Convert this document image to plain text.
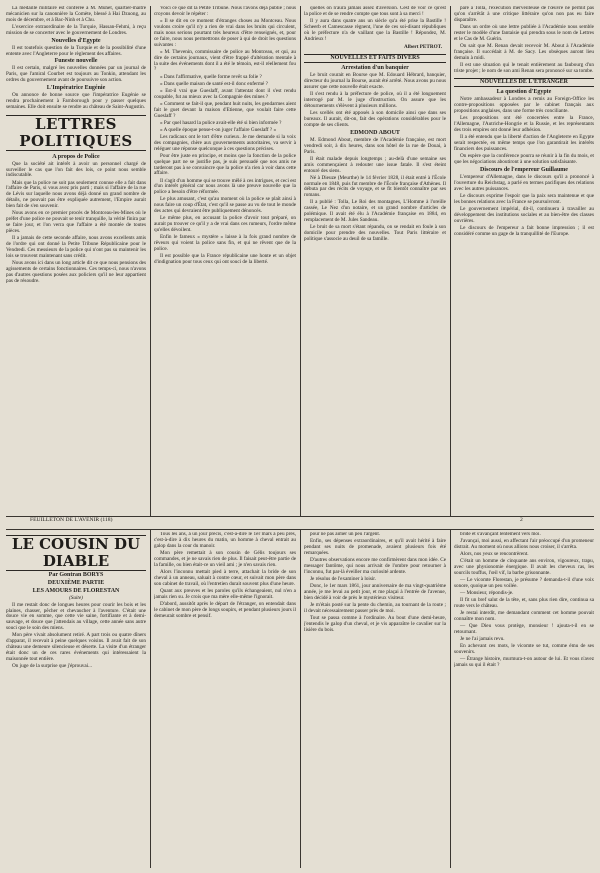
La médaille militaire est conférée à M. Muhet, quartier-maître mécanicien sur la canonnière la Comète, blessé à Hai Dzuong, au mois de décembre, et à Bac-Ninh et à Chu.

L'exercice extraordinaire de la Turquie, Hassan-Fehmi, à reçu mission de se concerter avec le gouvernement de Londres.

Nouvelles d'Egypte

Il est toutefois question de la Turquie et de la possibilité d'une entente avec l'Angleterre pour le règlement des affaires.

Funeste nouvelle

Il est certain, malgré les nouvelles données par un journal de Paris, que l'amiral Courbet est toujours au Tonkin, attendant les ordres du gouvernement avant de poursuivre son action.

L'Impératrice Eugénie

On annonce de bonne source que l'impératrice Eugénie se rendra prochainement à Farnborough pour y passer quelques semaines. Elle doit ensuite se rendre au château de Saint-Augustin.

LETTRES POLITIQUES
A propos de Police

Que la société ait intérêt à avoir un personnel chargé de surveiller le cas que l'on fait des lois, ce point nous semble indiscutable.

Mais que la police ne soit pas seulement connue elle a fait dans l'affaire de Paris, si vous avez pris parti ; mais si l'affaire de la rue de Lévis sur laquelle nous avons déjà donné un grand nombre de détails, ne pouvait pas être expliquée autrement, l'Empire aurait bien fait de s'en souvenir.

Nous avons en ce premier procès de Montceau-les-Mines où le préfet d'une police ne pouvait se tenir tranquille, la vérité finira par se faire jour, et l'on verra que l'affaire a été montée de toutes pièces.

Il a jamais de cette seconde affaire, nous avons excellents amis de l'ordre qui ont donné la Petite Tribune Républicaine pour le Vendredi. Ces messieurs de la police qui n'ont pas su maintenir les lois se trouvent maintenant sans crédit.

Nous avons ici dans un long article dit ce que nous pensions des agissements de certains fonctionnaires. Ces temps-ci, nous n'avons pas d'autres questions posées aux policiers qu'il ne leur appartient pas de résoudre.

Voici ce que dit la Petite Tribune. Nous l'avons déjà publié ; nous croyons devoir le répéter :

« Il se dit en ce moment d'étranges choses au Montceau. Nous voulons croire qu'il n'y a rien de vrai dans les bruits qui circulent, mais nous serions pourtant très heureux d'être renseignés, et, pour ce faire, nous nous permettrons de poser à qui de droit les questions suivantes :

« M. Thevenin, commissaire de police au Montceau, et qui, au dire de certains journaux, vient d'être frappé d'altération mentale à la suite des événements dont il a été le témoin, est-il réellement fou ?

« Dans l'affirmative, quelle forme revêt sa folie ?

« Dans quelle maison de santé est-il donc enfermé ?

« Est-il vrai que Gueslaff, avant l'attentat dont il s'est rendu coupable, fut au mieux avec la Compagnie des mines ?

« Comment se fait-il que, pendant huit nuits, les gendarmes aient fait le guet devant la maison d'Etienne, que voulait faire cette Gueslaff ?

« Par quel hasard la police avait-elle été si bien informée ?

« A quelle époque pense-t-on juger l'affaire Gueslaff ? »

Les radicaux ont le tort d'être curieux. Je me demande si la voix des compagnies, chère aux gouvernements autoritaires, va servir à reléguer une réponse quelconque à ces questions précises.

Pour être juste en principe, et moins que la fonction de la police quelque part ne se justifie pas, je suis persuadé que nos amis ne tarderont pas à se convaincre que la police n'a rien à voir dans cette affaire.

Il s'agit d'un homme qui se trouve mêlé à ces intrigues, et ceci est d'un intérêt général car nous avons là une preuve nouvelle que la police a besoin d'être réformée.

Le plus amusant, c'est qu'au moment où la police se plaît ainsi à nous faire un coup d'État, c'est qu'il se passe au vu de tout le monde des actes qui devraient être publiquement dénoncés.

Le même plus, en accusant la police d'avoir tout préparé, on aurait pu trouver ce qu'il y a de vrai dans ces rumeurs, l'ordre même qu'elles dévoilent.

Enfin le fameux « mystère » laisse à la fois grand nombre de rêveurs qui voient la police sans fin, et qui ne rêvent que de la police.

Il est possible que la France républicaine une honte et un objet d'indignation pour tous ceux qui ont souci de la liberté.

quelles on n'aura jamais assez d'aversion. Cest de voir ce qu'est la police et de se rendre compte que tous sont à sa merci !

Il y aura dans quatre ans un siècle qu'a été prise la Bastille ! Scheerb et Camescasse règnent, l'une de ces soi-disant républiques où le préfecture n'a de vaillant que la Bastille ! Répondez, M. Andrieux !

Albert PETROT.
NOUVELLES ET FAITS DIVERS
Arrestation d'un banquier

Le bruit courait en Bourse que M. Edouard Hébrard, banquier, directeur du journal la Bourse, aurait été arrêté. Nous avons pu nous assurer que cette nouvelle était exacte.

Il s'est rendu à la préfecture de police, où il a été longuement interrogé par M. le juge d'instruction. On assure que les détournements s'élèvent à plusieurs millions.

Les scellés ont été apposés à son domicile ainsi que dans ses bureaux. Il aurait, dit-on, fait des opérations considérables pour le compte de ses clients.

EDMOND ABOUT

M. Edmond About, membre de l'Académie française, est mort vendredi soir, à dix heures, dans son hôtel de la rue de Douai, à Paris.

Il était malade depuis longtemps ; au-delà d'une semaine ses amis commençaient à redouter une issue fatale. Il s'est éteint entouré des siens.

Né à Dieuze (Meurthe) le 14 février 1828, il était entré à l'École normale en 1848, puis fut membre de l'École française d'Athènes. Il débuta par des récits de voyage, et se fit bientôt connaître par ses romans.

Il a publié : Tolla, Le Roi des montagnes, L'Homme à l'oreille cassée, Le Nez d'un notaire, et un grand nombre d'articles de polémique. Il avait été élu à l'Académie française en 1884, en remplacement de M. Jules Sandeau.

Le bruit de sa mort s'étant répandu, on se rendait en foule à son domicile pour prendre des nouvelles. Tout Paris littéraire et politique s'associe au deuil de sa famille.

paré à Tolla, l'exécution merveilleuse de l'œuvre ne permit pas qu'on s'arrêtât à une critique littéraire qu'on non pas eu faire disparaître.

Dans un ordre où une lettre publiée à l'Académie nous semble rester le modèle d'une fantaisie qui prendra sous le nom de Lettres et le Cas de M. Guérin.

On sait que M. Renan devait recevoir M. About à l'Académie française. Il succédait à M. de Sacy. Les obsèques auront lieu demain à midi.

Il est une situation qui le tenait entièrement au faubourg d'un triste projet ; le nom de son ami Renan sera prononcé sur sa tombe.

NOUVELLES DE L'ETRANGER
La question d'Egypte

Notre ambassadeur à Londres a remis au Foreign-Office les contre-propositions opposées par le cabinet français aux propositions anglaises, dans une forme très conciliante.

Les propositions ont été concertées entre la France, l'Allemagne, l'Autriche-Hongrie et la Russie, et les représentants des trois empires ont donné leur adhésion.

Il a été entendu que la liberté d'action de l'Angleterre en Egypte serait respectée, en même temps que l'on garantirait les intérêts financiers des puissances.

On espère que la conférence pourra se réunir à la fin du mois, et que les négociations aboutiront à une solution satisfaisante.

Discours de l'empereur Guillaume

L'empereur d'Allemagne, dans le discours qu'il a prononcé à l'ouverture du Reichstag, a parlé en termes pacifiques des relations avec les autres puissances.

Le discours exprime l'espoir que la paix sera maintenue et que les bonnes relations avec la France se poursuivront.

Le gouvernement impérial, dit-il, continuera à travailler au développement des institutions sociales et au bien-être des classes ouvrières.

Le discours de l'empereur a fait bonne impression ; il est considéré comme un gage de la tranquillité de l'Europe.

FEUILLETON DE L'AVENIR (118)	2
LE COUSIN DU DIABLE
Par Gontran BORYS
DEUXIÈME PARTIE
LES AMOURS DE FLORESTAN
(Suite)

Il me restait donc de longues heures pour courir les bois et les plaines, chasser, pêcher et chevaucher à l'aventure. C'était une douce vie en somme, que cette vie saine, fortifiante et à demi-sauvage, et douce que j'attendais au village, cette année sans autre souci que le soin des miens.

Mon père vivait absolument retiré. A part trois ou quatre dîners d'apparat, il recevait à peine quelques voisins. Il avait fait de son château une demeure silencieuse et déserte. La visite d'un étranger était donc un de ces rares événements qui intéressaient la maisonnée tout entière.

On juge de la surprise que j'éprouvai...

Tous les ans, à un jour précis, c'est-à-dire le 1er mars à peu près, c'est-à-dire à dix heures du matin, un homme à cheval entrait au galop dans la cour du manoir.

Mon père remettait à son cousin de Gélis toujours ses commandes, et je ne savais rien de plus. Il faisait peut-être partie de la famille, ou bien était-ce un vieil ami ; je n'en savais rien.

Alors l'inconnu mettait pied à terre, attachait la bride de son cheval à un anneau, saluait à contre cœur, et suivait mon père dans son cabinet de travail, où l'entretien durait souvent plus d'une heure.

Quant aux preuves et les paroles qu'ils échangeaient, nul n'en a jamais rien su. Je crois que ma mère elle-même l'ignorait.

D'abord, aussitôt après le départ de l'étranger, on entendait dans le cabinet de mon père de longs soupirs, et pendant plusieurs jours il demeurait sombre et pensif.

pour ne pas aimer un peu l'argent.

Enfin, ses dépenses extraordinaires, et qu'il avait hérité à faire pendant ses nuits de promenade, avaient plusieurs fois été remarquées.

D'autres observations encore me confirmèrent dans mon idée. Ce messager fantôme, qui nous arrivait de l'ombre pour retourner à l'inconnu, fut par-là éveiller ma curiosité ardente.

Je résolus de l'examiner à loisir.

Donc, le 1er mars 1861, jour anniversaire de ma vingt-quatrième année, je me levai au petit jour, et me plaçai à l'entrée de l'avenue, bien décidé à voir de près le mystérieux visiteur.

Je m'étais posté sur la pente du chemin, au tournant de la route ; il devait nécessairement passer près de moi.

Tout se passa comme à l'ordinaire. Au bout d'une demi-heure, j'entendis le galop d'un cheval, et je vis apparaître le cavalier sur la lisière du bois.

bride et s'avançant lentement vers moi.

J'avançai, moi aussi, en affectant l'air préoccupé d'un promeneur distrait. Au moment où nous allions nous croiser, il s'arrêta.

Alors, nos yeux se rencontrèrent.

C'était un homme de cinquante ans environ, vigoureux, trapu, avec une physionomie énergique. Il avait les cheveux ras, les sourcils touffus, l'œil vif, la barbe grisonnante.

— Le vicomte Florestan, je présume ? demanda-t-il d'une voix sonore, quoique un peu voilée.

— Monsieur, répondis-je.

Il fit un bref salut de la tête, et, sans plus rien dire, continua sa route vers le château.

Je restai interdit, me demandant comment cet homme pouvait connaître mon nom.

— Que Dieu vous protège, monsieur ! ajouta-t-il en se retournant.

Je ne l'ai jamais revu.

En achevant ces mots, le vicomte se tut, comme ému de ses souvenirs.

— Étrange histoire, murmura-t-on autour de lui. Et vous n'avez jamais su qui il était ?
